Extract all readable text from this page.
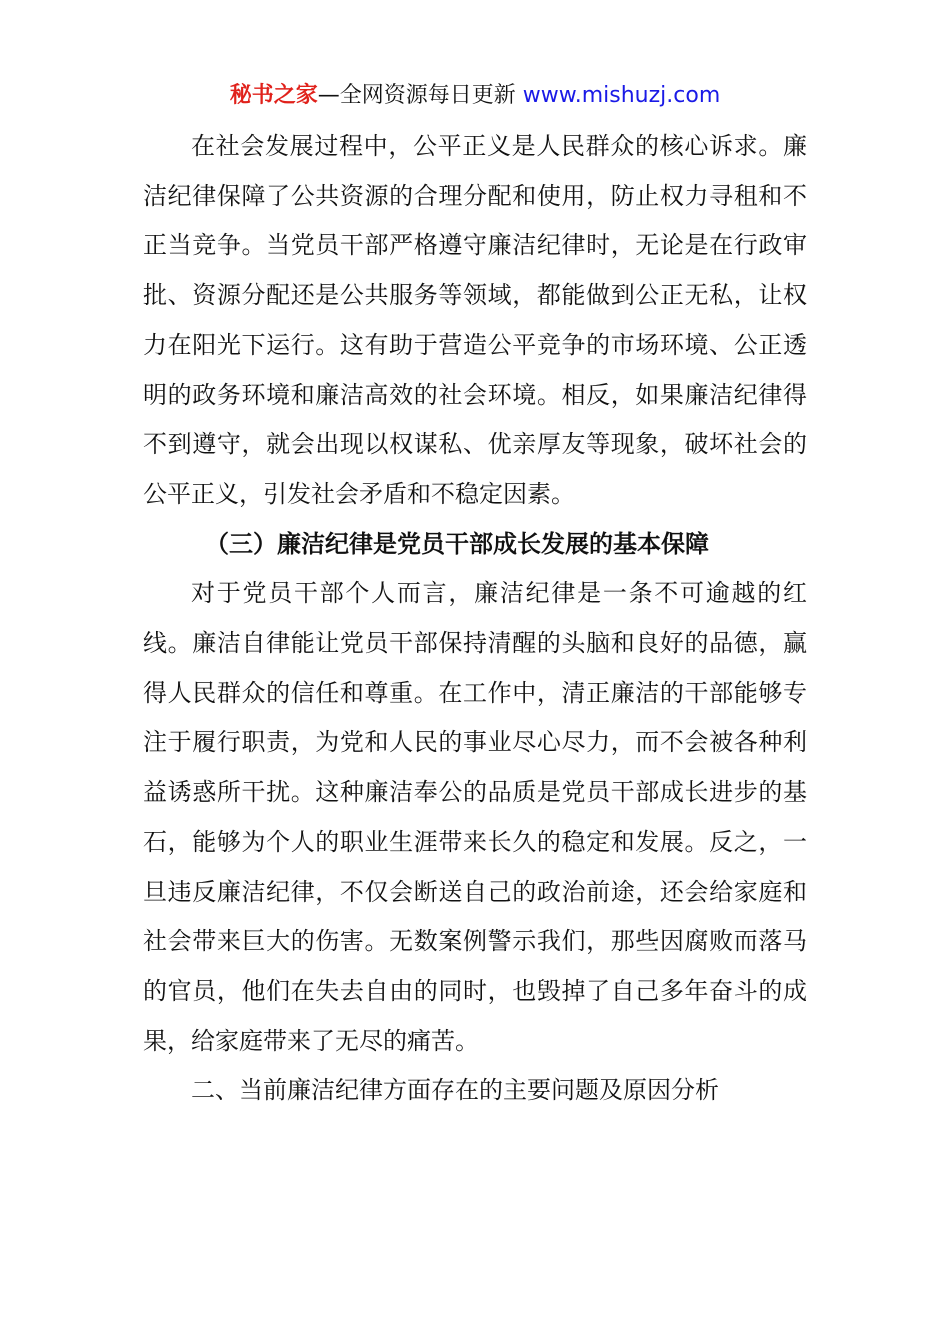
秘书之家—全网资源每日更新 www.mishuzj.com

在社会发展过程中，公平正义是人民群众的核心诉求。廉洁纪律保障了公共资源的合理分配和使用，防止权力寻租和不正当竞争。当党员干部严格遵守廉洁纪律时，无论是在行政审批、资源分配还是公共服务等领域，都能做到公正无私，让权力在阳光下运行。这有助于营造公平竞争的市场环境、公正透明的政务环境和廉洁高效的社会环境。相反，如果廉洁纪律得不到遵守，就会出现以权谋私、优亲厚友等现象，破坏社会的公平正义，引发社会矛盾和不稳定因素。

（三）廉洁纪律是党员干部成长发展的基本保障

对于党员干部个人而言，廉洁纪律是一条不可逾越的红线。廉洁自律能让党员干部保持清醒的头脑和良好的品德，赢得人民群众的信任和尊重。在工作中，清正廉洁的干部能够专注于履行职责，为党和人民的事业尽心尽力，而不会被各种利益诱惑所干扰。这种廉洁奉公的品质是党员干部成长进步的基石，能够为个人的职业生涯带来长久的稳定和发展。反之，一旦违反廉洁纪律，不仅会断送自己的政治前途，还会给家庭和社会带来巨大的伤害。无数案例警示我们，那些因腐败而落马的官员，他们在失去自由的同时，也毁掉了自己多年奋斗的成果，给家庭带来了无尽的痛苦。

二、当前廉洁纪律方面存在的主要问题及原因分析
